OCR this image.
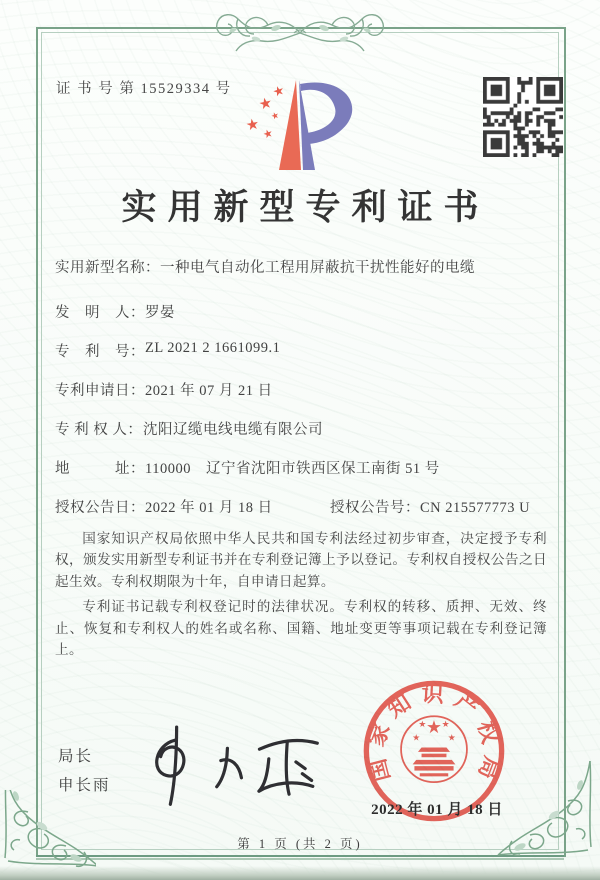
证 书 号 第 15529334 号	★
★
★
★ ★
实用新型专利证书
实用新型名称： 一种电气自动化工程用屏蔽抗干扰性能好的电缆
发　明　人： 罗晏
专　利　号： ZL 2021 2 1661099.1
专利申请日： 2021 年 07 月 21 日
专 利 权 人： 沈阳辽缆电线电缆有限公司
地　　　址： 110000　辽宁省沈阳市铁西区保工南街 51 号
授权公告日： 2022 年 01 月 18 日	授权公告号：CN 215577773 U

国家知识产权局依照中华人民共和国专利法经过初步审查，决定授予专利权，颁发实用新型专利证书并在专利登记簿上予以登记。专利权自授权公告之日起生效。专利权期限为十年，自申请日起算。

专利证书记载专利权登记时的法律状况。专利权的转移、质押、无效、终止、恢复和专利权人的姓名或名称、国籍、地址变更等事项记载在专利登记簿上。

局长
申长雨
国家知识产权局
★
★	★
★ ★
2022 年 01 月 18 日
第 1 页 (共 2 页)
